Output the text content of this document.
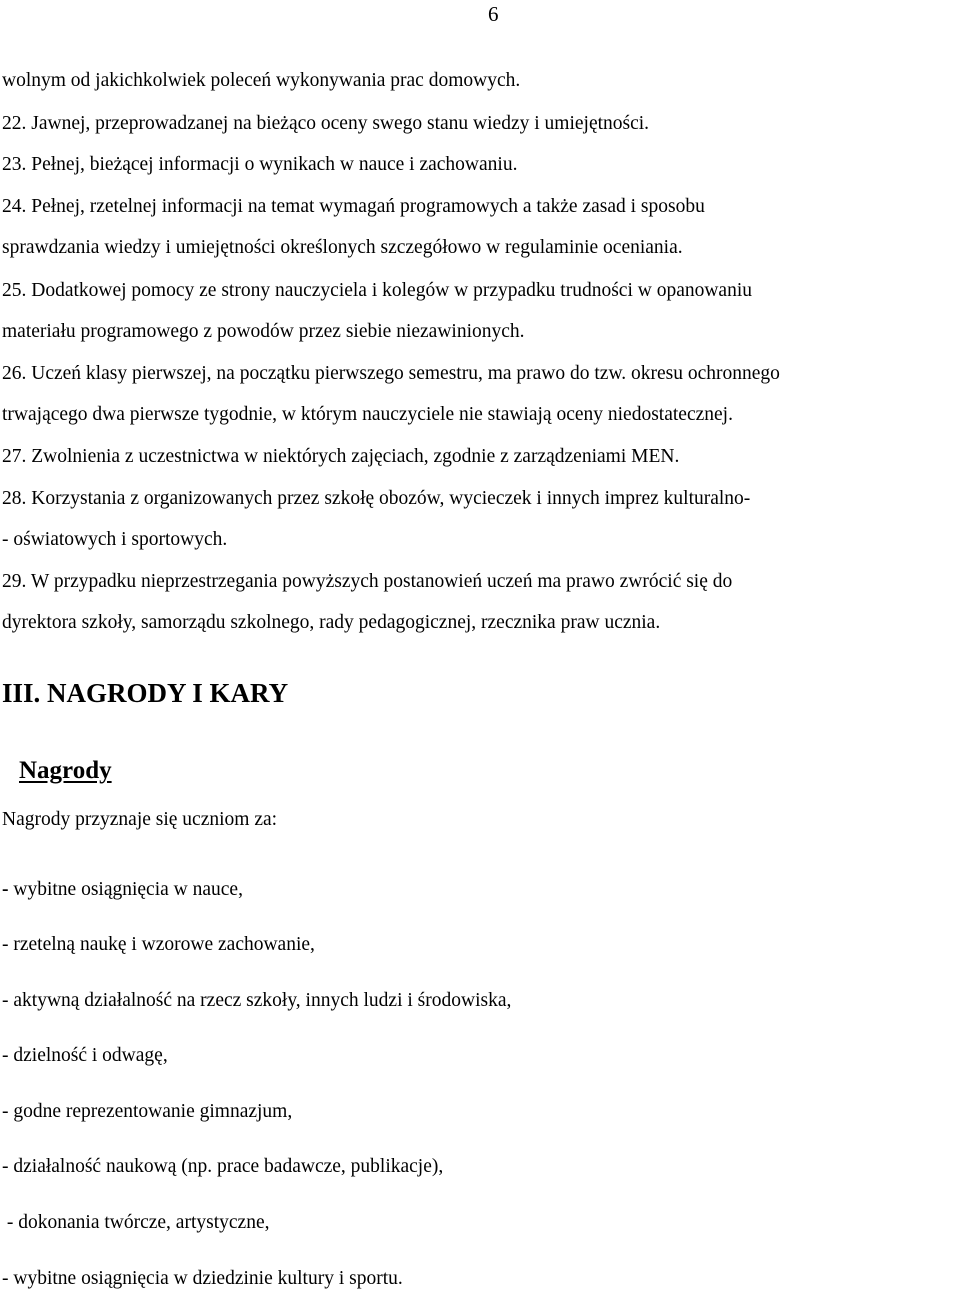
6
wolnym od jakichkolwiek poleceń wykonywania prac domowych.
22. Jawnej, przeprowadzanej na bieżąco oceny swego stanu wiedzy i umiejętności.
23. Pełnej, bieżącej informacji o wynikach w nauce i zachowaniu.
24. Pełnej, rzetelnej informacji na temat wymagań programowych a także zasad i sposobu
sprawdzania wiedzy i umiejętności określonych szczegółowo w regulaminie oceniania.
25. Dodatkowej pomocy ze strony nauczyciela i kolegów w przypadku trudności w opanowaniu
materiału programowego z powodów przez siebie niezawinionych.
26. Uczeń klasy pierwszej, na początku pierwszego semestru, ma prawo do tzw. okresu ochronnego
trwającego dwa pierwsze tygodnie, w którym nauczyciele nie stawiają oceny niedostatecznej.
27. Zwolnienia z uczestnictwa w niektórych zajęciach, zgodnie z zarządzeniami MEN.
28. Korzystania z organizowanych przez szkołę obozów, wycieczek i innych imprez kulturalno-
- oświatowych i sportowych.
29. W przypadku nieprzestrzegania powyższych postanowień uczeń ma prawo zwrócić się do
dyrektora szkoły, samorządu szkolnego, rady pedagogicznej, rzecznika praw ucznia.
III. NAGRODY I KARY
Nagrody
Nagrody przyznaje się uczniom za:
- wybitne osiągnięcia w nauce,
- rzetelną naukę i wzorowe zachowanie,
- aktywną działalność na rzecz szkoły, innych ludzi i środowiska,
- dzielność i odwagę,
- godne reprezentowanie gimnazjum,
- działalność naukową (np. prace badawcze, publikacje),
- dokonania twórcze, artystyczne,
- wybitne osiągnięcia w dziedzinie kultury i sportu.
